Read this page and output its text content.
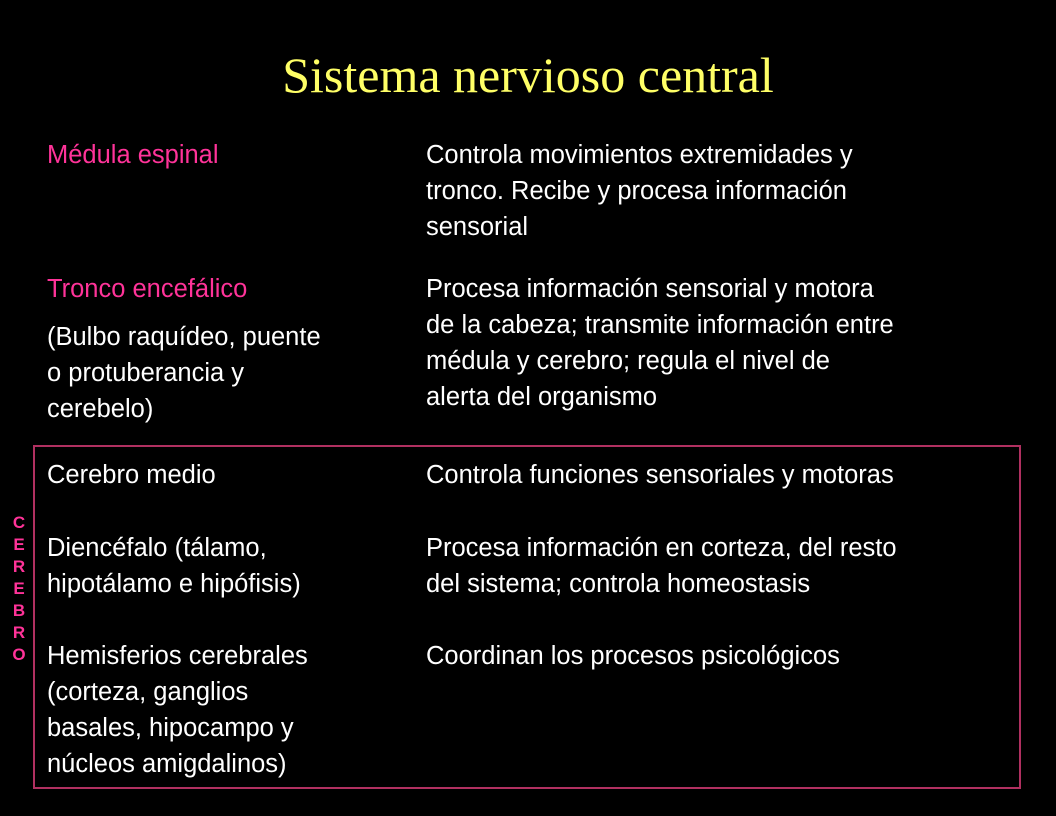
Sistema nervioso central

Médula espinal	Controla movimientos extremidades y
tronco. Recibe y procesa información
sensorial

Tronco encefálico

(Bulbo raquídeo, puente
o protuberancia y
cerebelo)
Procesa información sensorial y motora
de la cabeza; transmite información entre
médula y cerebro; regula el nivel de
alerta del organismo
C
E
R
E
B
R
O
Cerebro medio	Controla funciones sensoriales y motoras
Diencéfalo (tálamo,
hipotálamo e hipófisis)
Procesa información en corteza, del resto
del sistema; controla homeostasis
Hemisferios cerebrales
(corteza, ganglios
basales, hipocampo y
núcleos amigdalinos)
Coordinan los procesos psicológicos
